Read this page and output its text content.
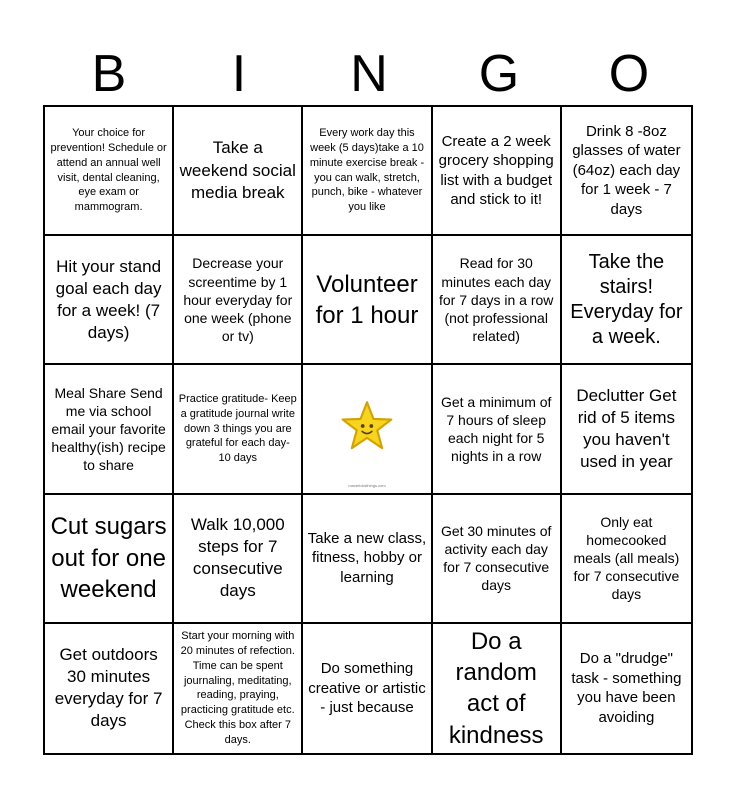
B	I	N	G	O
Your choice for prevention! Schedule or attend an annual well visit, dental cleaning, eye exam or mammogram.
Take a weekend social media break
Every work day this week (5 days)take a 10 minute exercise break - you can walk, stretch, punch, bike - whatever you like
Create a 2 week grocery shopping list with a budget and stick to it!
Drink 8 -8oz glasses of water (64oz) each day for 1 week - 7 days
Hit your stand goal each day for a week! (7 days)
Decrease your screentime by 1 hour everyday for one week (phone or tv)
Volunteer for 1 hour
Read for 30 minutes each day for 7 days in a row (not professional related)
Take the stairs! Everyday for a week.
Meal Share Send me via school email your favorite healthy(ish) recipe to share
Practice gratitude- Keep a gratitude journal write down 3 things you are grateful for each day- 10 days
mavericksthings.com
Get a minimum of 7 hours of sleep each night for 5 nights in a row
Declutter Get rid of 5 items you haven't used in year
Cut sugars out for one weekend
Walk 10,000 steps for 7 consecutive days
Take a new class, fitness, hobby or learning
Get 30 minutes of activity each day for 7 consecutive days
Only eat homecooked meals (all meals) for 7 consecutive days
Get outdoors 30 minutes everyday for 7 days
Start your morning with 20 minutes of refection. Time can be spent journaling, meditating, reading, praying, practicing gratitude etc. Check this box after 7 days.
Do something creative or artistic - just because
Do a random act of kindness
Do a "drudge" task - something you have been avoiding
